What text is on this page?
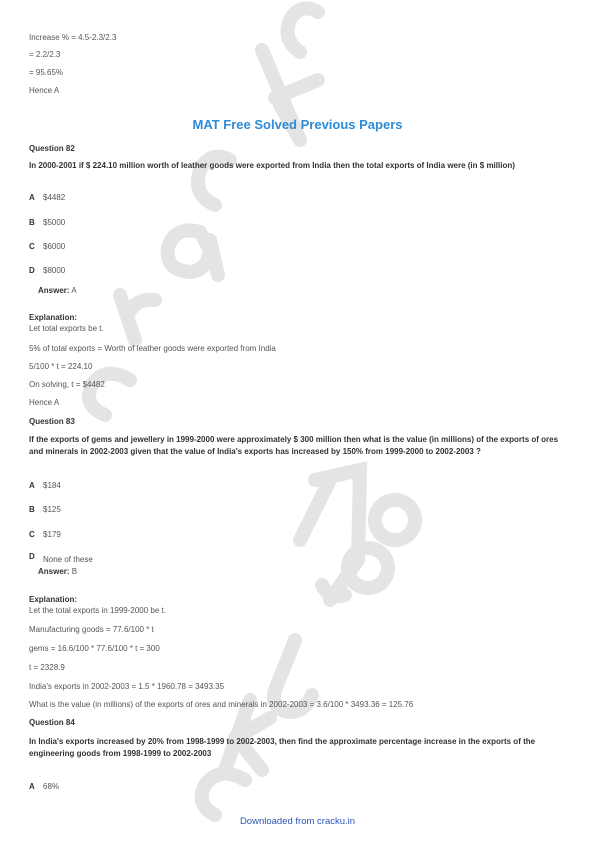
Increase % = 4.5-2.3/2.3
= 2.2/2.3
= 95.65%
Hence A
MAT Free Solved Previous Papers
Question 82
In 2000-2001 if $ 224.10 million worth of leather goods were exported from India then the total exports of India were (in $ million)
A $4482
B $5000
C $6000
D $8000
Answer: A
Explanation:
Let total exports be t.
5% of total exports = Worth of leather goods were exported from India
5/100 * t = 224.10
On solving, t = $4482
Hence A
Question 83
If the exports of gems and jewellery in 1999-2000 were approximately $ 300 million then what is the value (in millions) of the exports of ores and minerals in 2002-2003 given that the value of India's exports has increased by 150% from 1999-2000 to 2002-2003 ?
A $184
B $125
C $179
D None of these
Answer: B
Explanation:
Let the total exports in 1999-2000 be t.
Manufacturing goods = 77.6/100 * t
gems = 16.6/100 * 77.6/100 * t = 300
t = 2328.9
India's exports in 2002-2003 = 1.5 * 1960.78 = 3493.35
What is the value (in millions) of the exports of ores and minerals in 2002-2003 = 3.6/100 * 3493.36 = 125.76
Question 84
In India's exports increased by 20% from 1998-1999 to 2002-2003, then find the approximate percentage increase in the exports of the engineering goods from 1998-1999 to 2002-2003
A 68%
Downloaded from cracku.in
